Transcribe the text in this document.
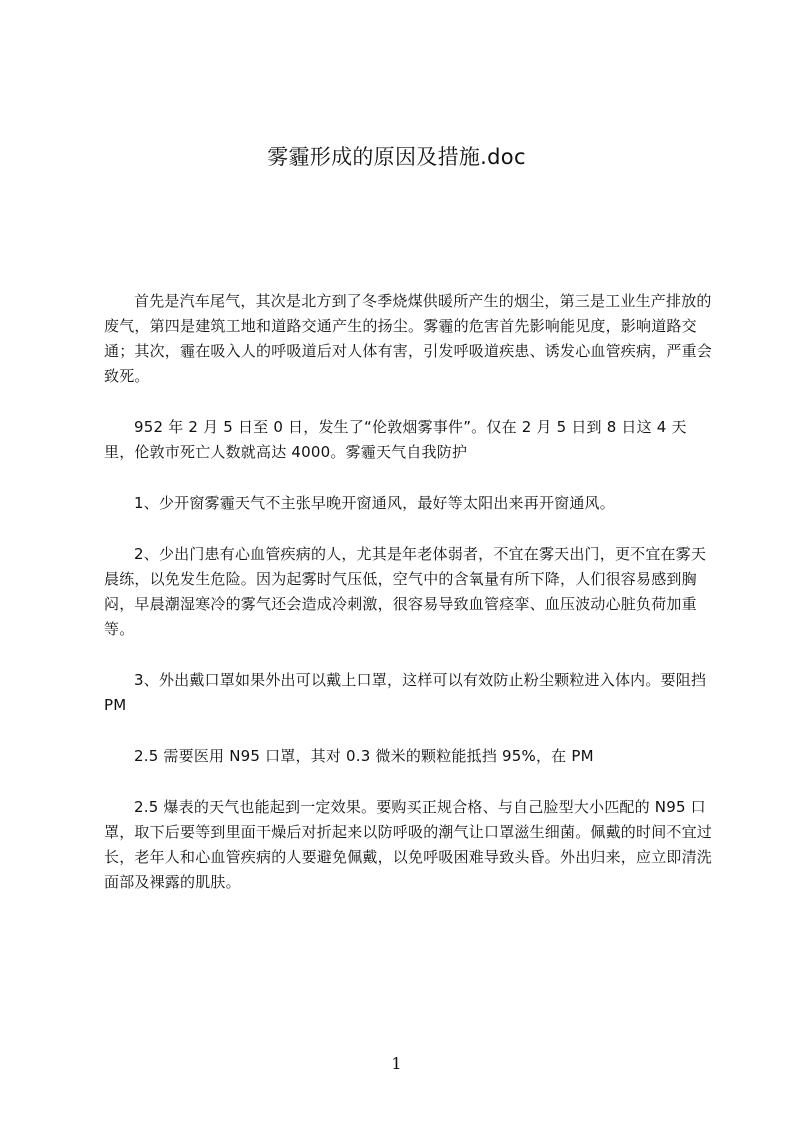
雾霾形成的原因及措施.doc

首先是汽车尾气，其次是北方到了冬季烧煤供暖所产生的烟尘，第三是工业生产排放的废气，第四是建筑工地和道路交通产生的扬尘。雾霾的危害首先影响能见度，影响道路交通；其次，霾在吸入人的呼吸道后对人体有害，引发呼吸道疾患、诱发心血管疾病，严重会致死。

952 年 2 月 5 日至 0 日，发生了“伦敦烟雾事件”。仅在 2 月 5 日到 8 日这 4 天里，伦敦市死亡人数就高达 4000。雾霾天气自我防护

1、少开窗雾霾天气不主张早晚开窗通风，最好等太阳出来再开窗通风。

2、少出门患有心血管疾病的人，尤其是年老体弱者，不宜在雾天出门，更不宜在雾天晨练，以免发生危险。因为起雾时气压低，空气中的含氧量有所下降，人们很容易感到胸闷，早晨潮湿寒冷的雾气还会造成冷刺激，很容易导致血管痉挛、血压波动心脏负荷加重等。

3、外出戴口罩如果外出可以戴上口罩，这样可以有效防止粉尘颗粒进入体内。要阻挡 PM

2.5 需要医用 N95 口罩，其对 0.3 微米的颗粒能抵挡 95%，在 PM

2.5 爆表的天气也能起到一定效果。要购买正规合格、与自己脸型大小匹配的 N95 口罩，取下后要等到里面干燥后对折起来以防呼吸的潮气让口罩滋生细菌。佩戴的时间不宜过长，老年人和心血管疾病的人要避免佩戴，以免呼吸困难导致头昏。外出归来，应立即清洗面部及裸露的肌肤。

1
